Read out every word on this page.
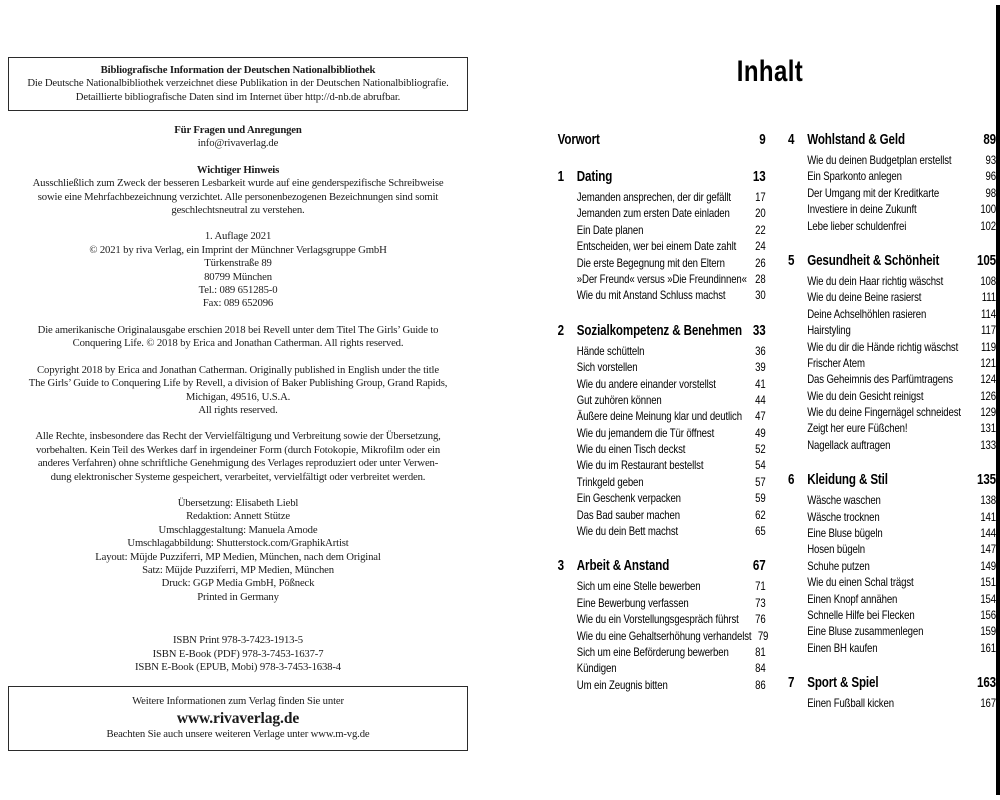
Bibliografische Information der Deutschen Nationalbibliothek
Die Deutsche Nationalbibliothek verzeichnet diese Publikation in der Deutschen Nationalbibliografie.
Detaillierte bibliografische Daten sind im Internet über http://d-nb.de abrufbar.
Für Fragen und Anregungen
info@rivaverlag.de
Wichtiger Hinweis
Ausschließlich zum Zweck der besseren Lesbarkeit wurde auf eine genderspezifische Schreibweise
sowie eine Mehrfachbezeichnung verzichtet. Alle personenbezogenen Bezeichnungen sind somit
geschlechtsneutral zu verstehen.
1. Auflage 2021
© 2021 by riva Verlag, ein Imprint der Münchner Verlagsgruppe GmbH
Türkenstraße 89
80799 München
Tel.: 089 651285-0
Fax: 089 652096
Die amerikanische Originalausgabe erschien 2018 bei Revell unter dem Titel The Girls’ Guide to
Conquering Life. © 2018 by Erica and Jonathan Catherman. All rights reserved.
Copyright 2018 by Erica and Jonathan Catherman. Originally published in English under the title
The Girls’ Guide to Conquering Life by Revell, a division of Baker Publishing Group, Grand Rapids,
Michigan, 49516, U.S.A.
All rights reserved.
Alle Rechte, insbesondere das Recht der Vervielfältigung und Verbreitung sowie der Übersetzung,
vorbehalten. Kein Teil des Werkes darf in irgendeiner Form (durch Fotokopie, Mikrofilm oder ein
anderes Verfahren) ohne schriftliche Genehmigung des Verlages reproduziert oder unter Verwen-
dung elektronischer Systeme gespeichert, verarbeitet, vervielfältigt oder verbreitet werden.
Übersetzung: Elisabeth Liebl
Redaktion: Annett Stütze
Umschlaggestaltung: Manuela Amode
Umschlagabbildung: Shutterstock.com/GraphikArtist
Layout: Müjde Puzziferri, MP Medien, München, nach dem Original
Satz: Müjde Puzziferri, MP Medien, München
Druck: GGP Media GmbH, Pößneck
Printed in Germany
ISBN Print 978-3-7423-1913-5
ISBN E-Book (PDF) 978-3-7453-1637-7
ISBN E-Book (EPUB, Mobi) 978-3-7453-1638-4
Weitere Informationen zum Verlag finden Sie unter
www.rivaverlag.de
Beachten Sie auch unsere weiteren Verlage unter www.m-vg.de
Inhalt
Vorwort	9
1 Dating	13
Jemanden ansprechen, der dir gefällt	17
Jemanden zum ersten Date einladen	20
Ein Date planen	22
Entscheiden, wer bei einem Date zahlt	24
Die erste Begegnung mit den Eltern	26
»Der Freund« versus »Die Freundinnen« 28
Wie du mit Anstand Schluss machst	30
2 Sozialkompetenz & Benehmen 33
Hände schütteln	36
Sich vorstellen	39
Wie du andere einander vorstellst	41
Gut zuhören können	44
Äußere deine Meinung klar und deutlich	47
Wie du jemandem die Tür öffnest	49
Wie du einen Tisch deckst	52
Wie du im Restaurant bestellst	54
Trinkgeld geben	57
Ein Geschenk verpacken	59
Das Bad sauber machen	62
Wie du dein Bett machst	65
3 Arbeit & Anstand	67
Sich um eine Stelle bewerben	71
Eine Bewerbung verfassen	73
Wie du ein Vorstellungsgespräch führst	76
Wie du eine Gehaltserhöhung verhandelst 79
Sich um eine Beförderung bewerben	81
Kündigen	84
Um ein Zeugnis bitten	86
4 Wohlstand & Geld	89
Wie du deinen Budgetplan erstellst	93
Ein Sparkonto anlegen	96
Der Umgang mit der Kreditkarte	98
Investiere in deine Zukunft	100
Lebe lieber schuldenfrei	102
5 Gesundheit & Schönheit	105
Wie du dein Haar richtig wäschst	108
Wie du deine Beine rasierst	111
Deine Achselhöhlen rasieren	114
Hairstyling	117
Wie du dir die Hände richtig wäschst	119
Frischer Atem	121
Das Geheimnis des Parfümtragens	124
Wie du dein Gesicht reinigst	126
Wie du deine Fingernägel schneidest	129
Zeigt her eure Füßchen!	131
Nagellack auftragen	133
6 Kleidung & Stil	135
Wäsche waschen	138
Wäsche trocknen	141
Eine Bluse bügeln	144
Hosen bügeln	147
Schuhe putzen	149
Wie du einen Schal trägst	151
Einen Knopf annähen	154
Schnelle Hilfe bei Flecken	156
Eine Bluse zusammenlegen	159
Einen BH kaufen	161
7 Sport & Spiel	163
Einen Fußball kicken	167
